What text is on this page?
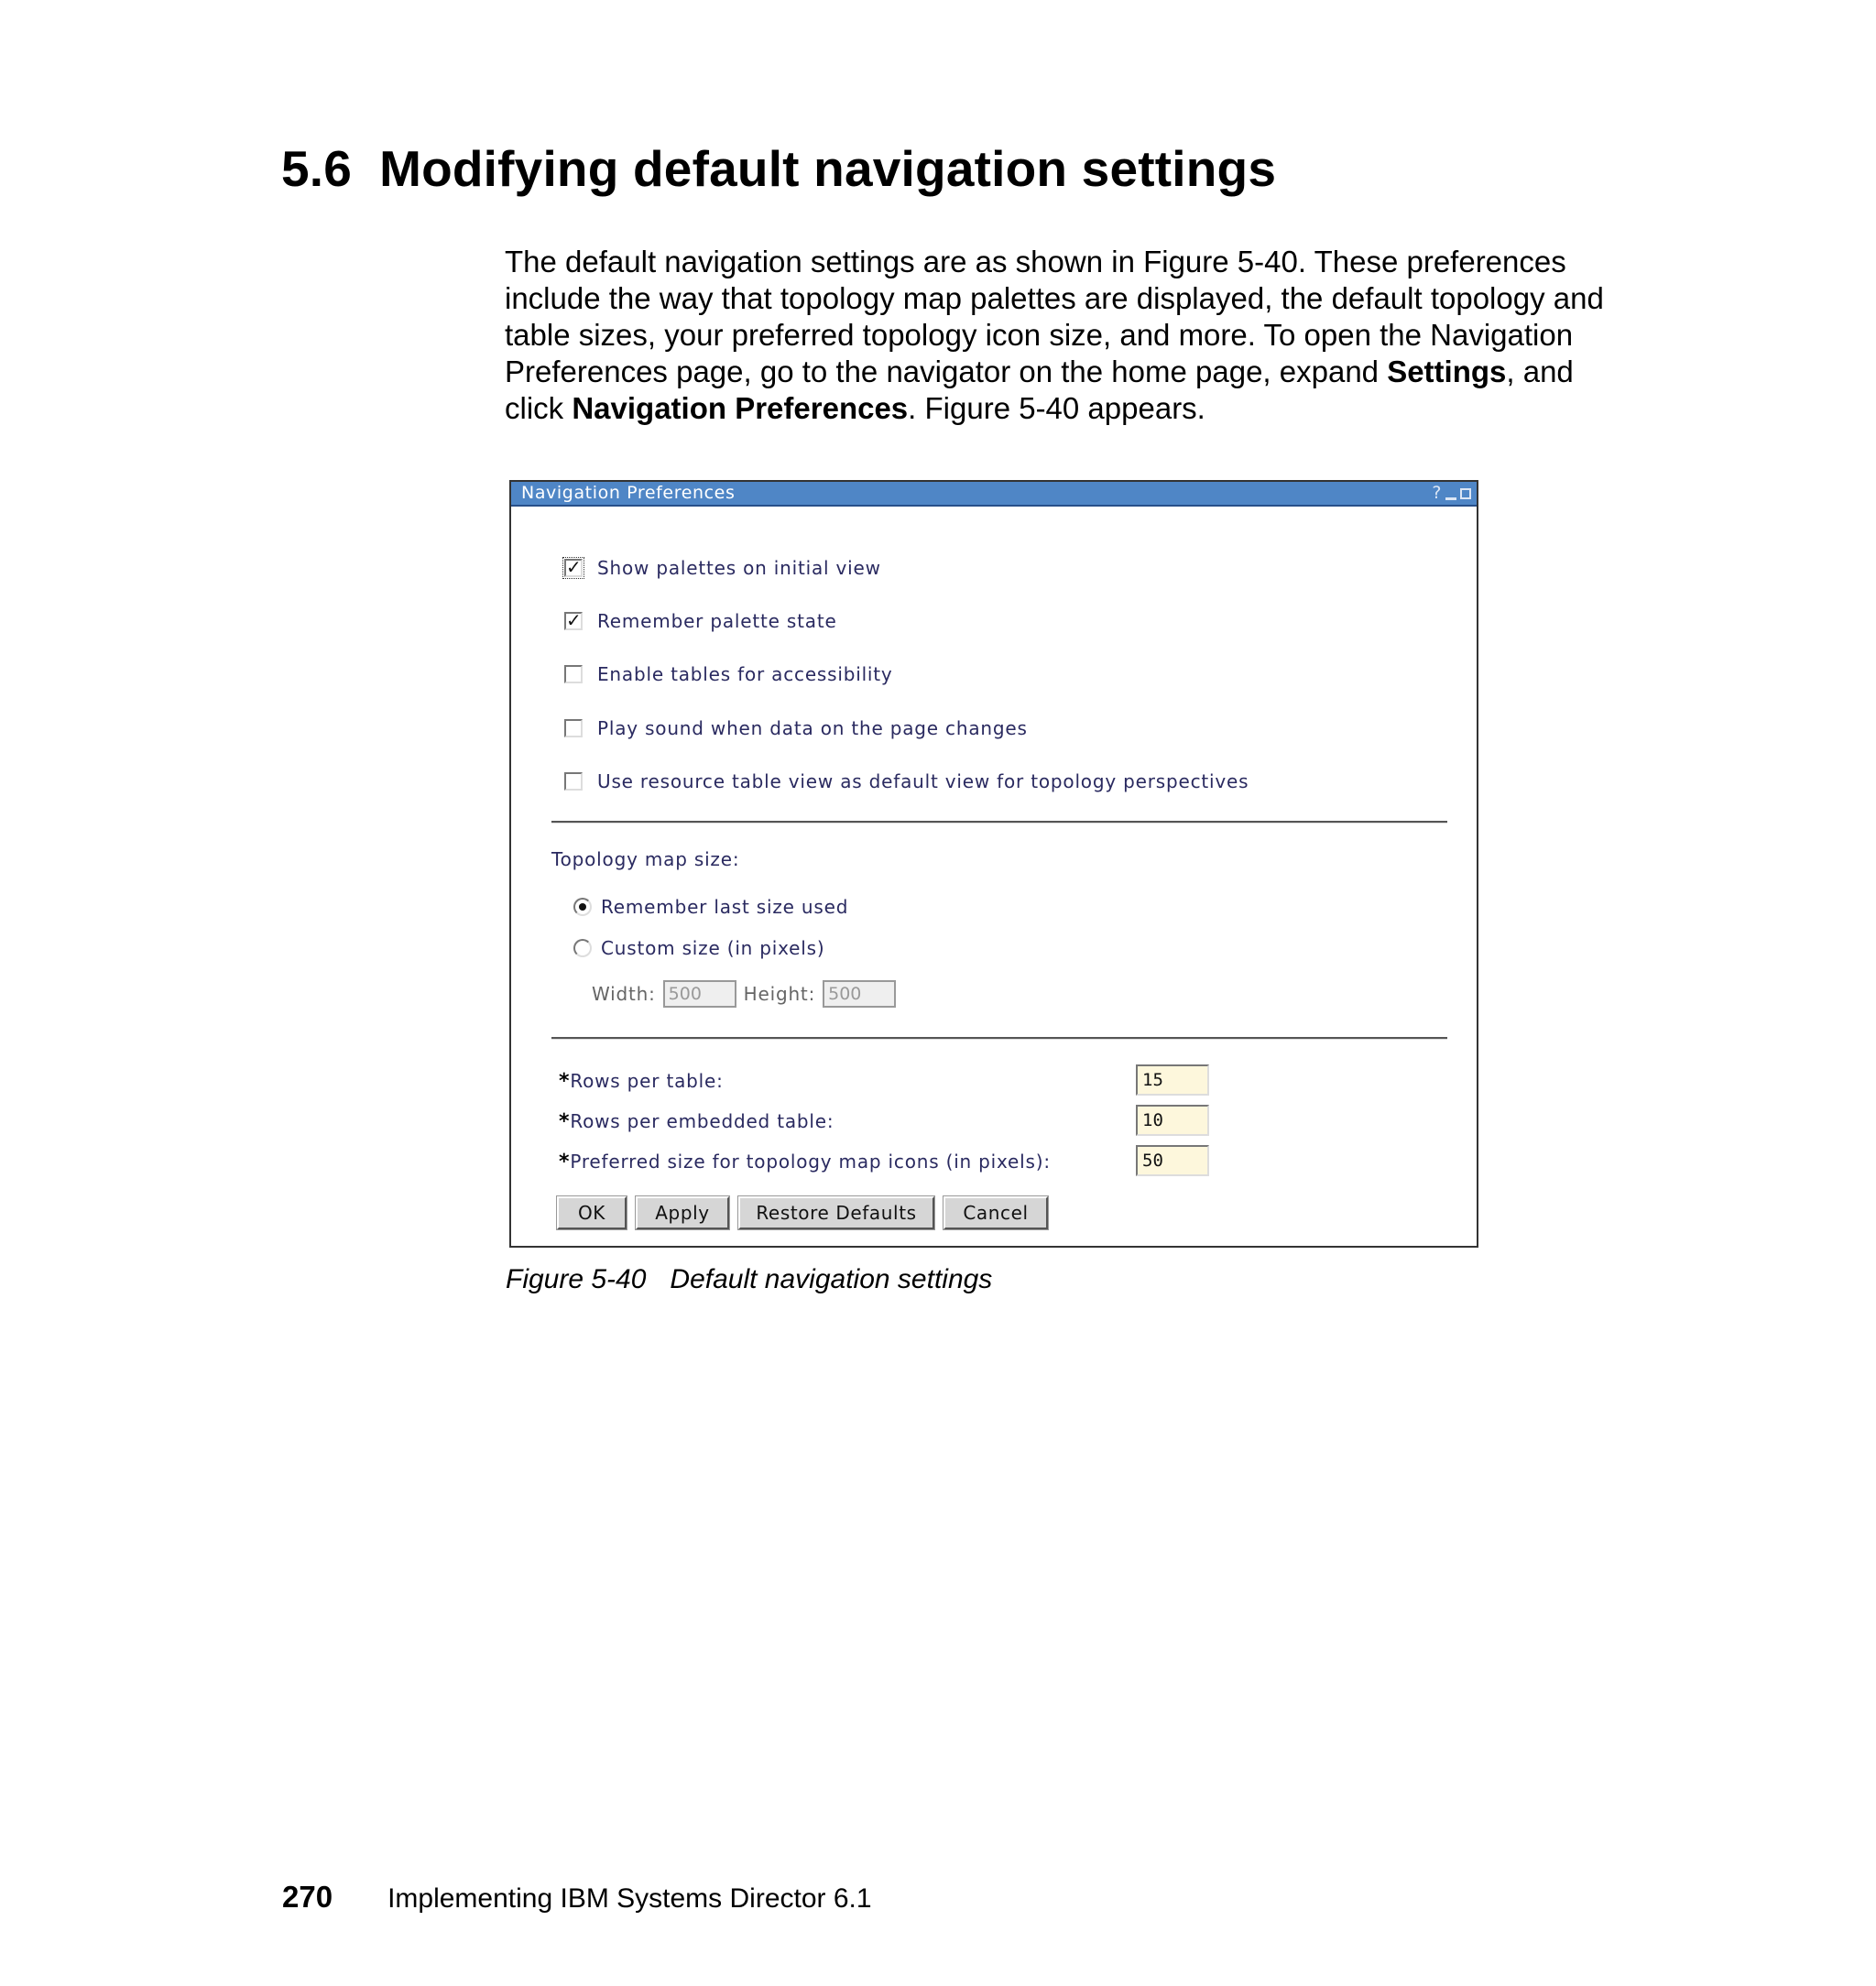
5.6 Modifying default navigation settings

The default navigation settings are as shown in Figure 5-40. These preferences include the way that topology map palettes are displayed, the default topology and table sizes, your preferred topology icon size, and more. To open the Navigation Preferences page, go to the navigator on the home page, expand Settings, and click Navigation Preferences. Figure 5-40 appears.

Navigation Preferences	?
✓ Show palettes on initial view
✓ Remember palette state
Enable tables for accessibility
Play sound when data on the page changes
Use resource table view as default view for topology perspectives
Topology map size:
Remember last size used
Custom size (in pixels)
Width:
500	Height:
500
*Rows per table:
15
*Rows per embedded table:
10
*Preferred size for topology map icons (in pixels):
50
OK	Apply	Restore Defaults	Cancel

Figure 5-40 Default navigation settings

270 Implementing IBM Systems Director 6.1
